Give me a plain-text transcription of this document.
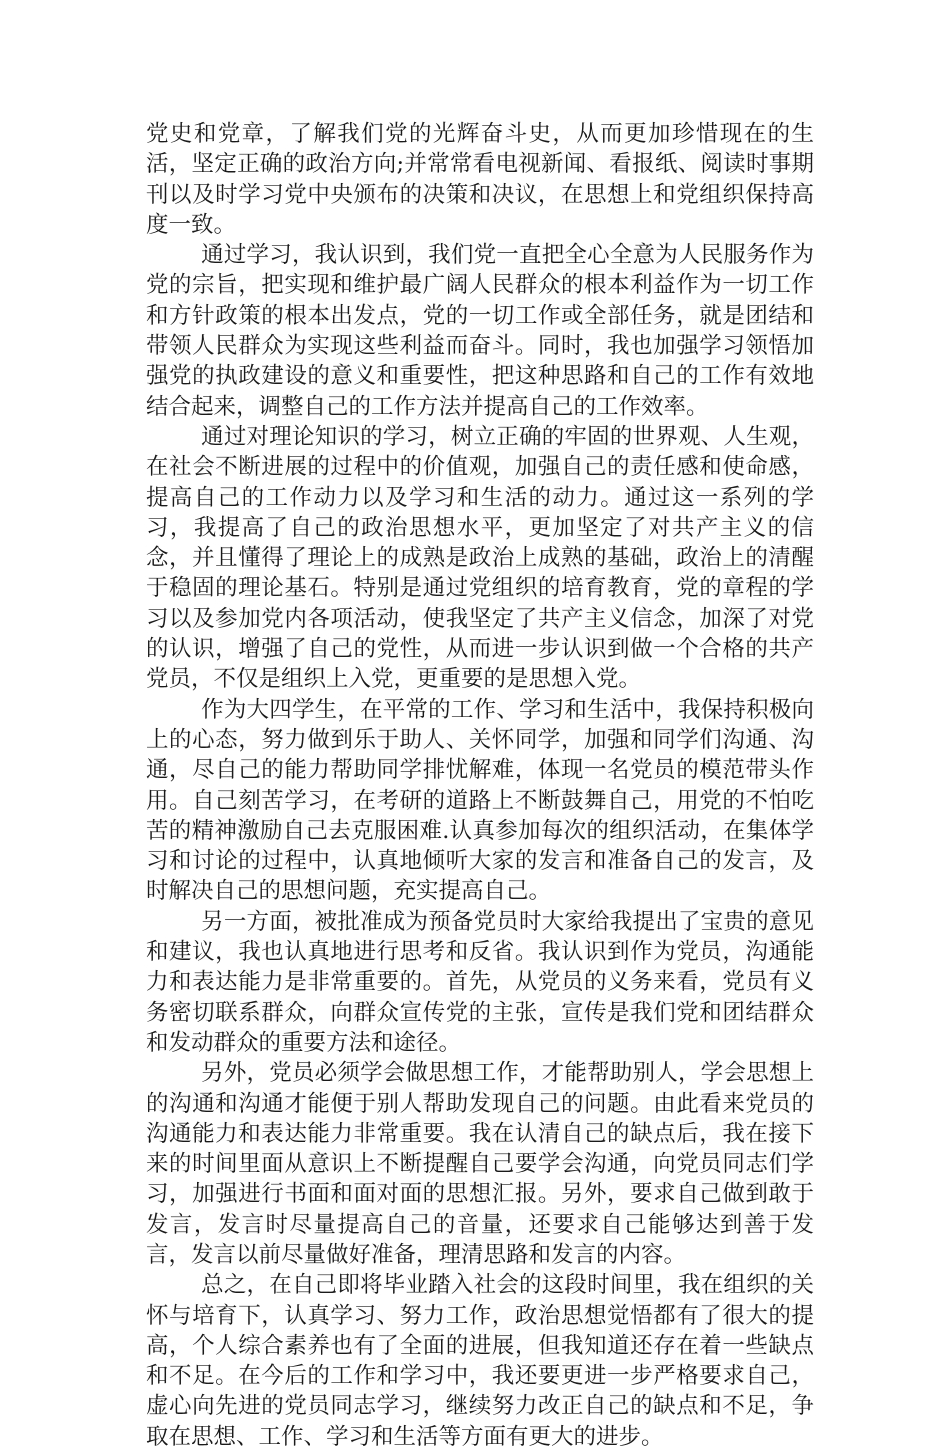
党史和党章，了解我们党的光辉奋斗史，从而更加珍惜现在的生活，坚定正确的政治方向;并常常看电视新闻、看报纸、阅读时事期刊以及时学习党中央颁布的决策和决议，在思想上和党组织保持高度一致。

通过学习，我认识到，我们党一直把全心全意为人民服务作为党的宗旨，把实现和维护最广阔人民群众的根本利益作为一切工作和方针政策的根本出发点，党的一切工作或全部任务，就是团结和带领人民群众为实现这些利益而奋斗。同时，我也加强学习领悟加强党的执政建设的意义和重要性，把这种思路和自己的工作有效地结合起来，调整自己的工作方法并提高自己的工作效率。

通过对理论知识的学习，树立正确的牢固的世界观、人生观，在社会不断进展的过程中的价值观，加强自己的责任感和使命感，提高自己的工作动力以及学习和生活的动力。通过这一系列的学习，我提高了自己的政治思想水平，更加坚定了对共产主义的信念，并且懂得了理论上的成熟是政治上成熟的基础，政治上的清醒于稳固的理论基石。特别是通过党组织的培育教育，党的章程的学习以及参加党内各项活动，使我坚定了共产主义信念，加深了对党的认识，增强了自己的党性，从而进一步认识到做一个合格的共产党员，不仅是组织上入党，更重要的是思想入党。

作为大四学生，在平常的工作、学习和生活中，我保持积极向上的心态，努力做到乐于助人、关怀同学，加强和同学们沟通、沟通，尽自己的能力帮助同学排忧解难，体现一名党员的模范带头作用。自己刻苦学习，在考研的道路上不断鼓舞自己，用党的不怕吃苦的精神激励自己去克服困难.认真参加每次的组织活动，在集体学习和讨论的过程中，认真地倾听大家的发言和准备自己的发言，及时解决自己的思想问题，充实提高自己。

另一方面，被批准成为预备党员时大家给我提出了宝贵的意见和建议，我也认真地进行思考和反省。我认识到作为党员，沟通能力和表达能力是非常重要的。首先，从党员的义务来看，党员有义务密切联系群众，向群众宣传党的主张，宣传是我们党和团结群众和发动群众的重要方法和途径。

另外，党员必须学会做思想工作，才能帮助别人，学会思想上的沟通和沟通才能便于别人帮助发现自己的问题。由此看来党员的沟通能力和表达能力非常重要。我在认清自己的缺点后，我在接下来的时间里面从意识上不断提醒自己要学会沟通，向党员同志们学习，加强进行书面和面对面的思想汇报。另外，要求自己做到敢于发言，发言时尽量提高自己的音量，还要求自己能够达到善于发言，发言以前尽量做好准备，理清思路和发言的内容。

总之，在自己即将毕业踏入社会的这段时间里，我在组织的关怀与培育下，认真学习、努力工作，政治思想觉悟都有了很大的提高，个人综合素养也有了全面的进展，但我知道还存在着一些缺点和不足。在今后的工作和学习中，我还要更进一步严格要求自己，虚心向先进的党员同志学习，继续努力改正自己的缺点和不足，争取在思想、工作、学习和生活等方面有更大的进步。
